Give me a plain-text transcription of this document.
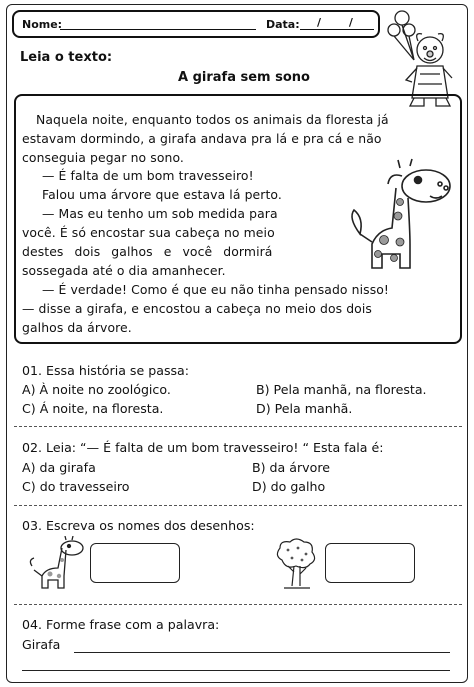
Nome:	Data: / /
Leia o texto:
A girafa sem sono
Naquela noite, enquanto todos os animais da floresta já
estavam dormindo, a girafa andava pra lá e pra cá e não
conseguia pegar no sono.
— É falta de um bom travesseiro!
Falou uma árvore que estava lá perto.
— Mas eu tenho um sob medida para
você. É só encostar sua cabeça no meio
destes dois galhos e você dormirá
sossegada até o dia amanhecer.
— É verdade! Como é que eu não tinha pensado nisso!
— disse a girafa, e encostou a cabeça no meio dos dois
galhos da árvore.
01. Essa história se passa:
A) À noite no zoológico.	B) Pela manhã, na floresta.
C) Á noite, na floresta.	D) Pela manhã.
02. Leia: “— É falta de um bom travesseiro! “ Esta fala é:
A) da girafa	B) da árvore
C) do travesseiro	D) do galho
03. Escreva os nomes dos desenhos:
04. Forme frase com a palavra:
Girafa
